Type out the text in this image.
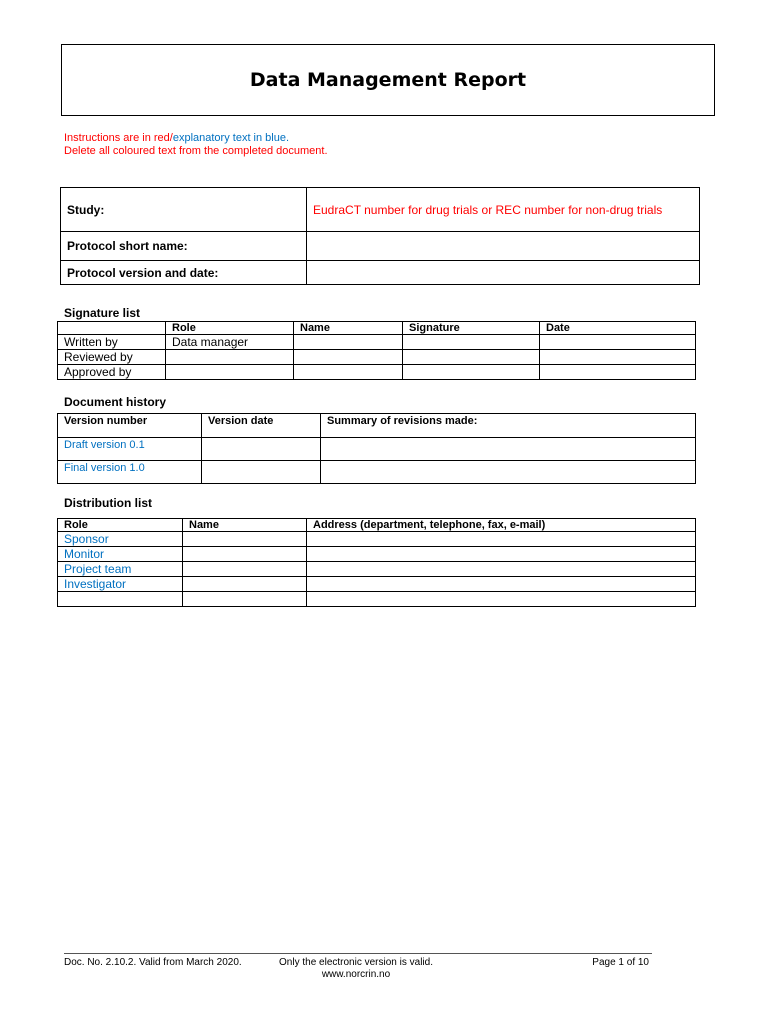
Data Management Report
Instructions are in red/explanatory text in blue.
Delete all coloured text from the completed document.
Study:	EudraCT number for drug trials or REC number for non-drug trials
Protocol short name:	
Protocol version and date:	
Signature list
	Role	Name	Signature	Date
Written by	Data manager			
Reviewed by				
Approved by				
Document history
Version number	Version date	Summary of revisions made:
Draft version 0.1		
Final version 1.0		
Distribution list
Role	Name	Address (department, telephone, fax, e-mail)
Sponsor		
Monitor		
Project team		
Investigator		

Doc. No. 2.10.2. Valid from March 2020.	Only the electronic version is valid.
www.norcrin.no
Page 1 of 10
